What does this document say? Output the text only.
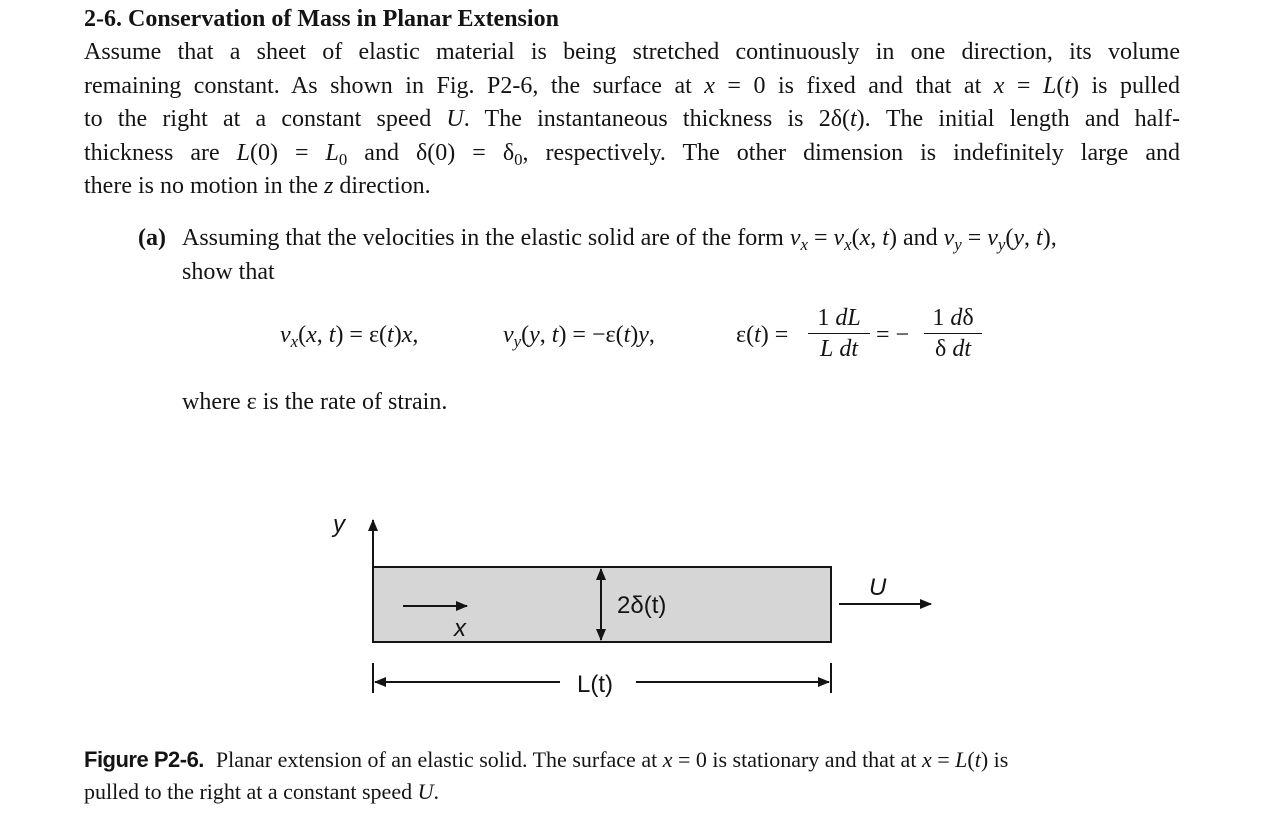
2-6. Conservation of Mass in Planar Extension
Assume that a sheet of elastic material is being stretched continuously in one direction, its volume
remaining constant. As shown in Fig. P2-6, the surface at x = 0 is fixed and that at x = L(t) is pulled
to the right at a constant speed U. The instantaneous thickness is 2δ(t). The initial length and half-
thickness are $L(0) = L_0$ and $\delta(0) = \delta_0$, respectively. The other dimension is indefinitely large and
there is no motion in the z direction.
(a) Assuming that the velocities in the elastic solid are of the form $v_x = v_x(x$, t) and $v_y = v_y(y$, t),
show that
$v_x(x$, t) = ε(t)x,	$v_y(y$, t) = −ε(t)y,	ε(t) =
1 dL
L dt
= −
1 dδ
δ dt
where ε is the rate of strain.
y
x
2δ(t)
U
L(t)
Figure P2-6. Planar extension of an elastic solid. The surface at x = 0 is stationary and that at x = L(t) is
pulled to the right at a constant speed U.
